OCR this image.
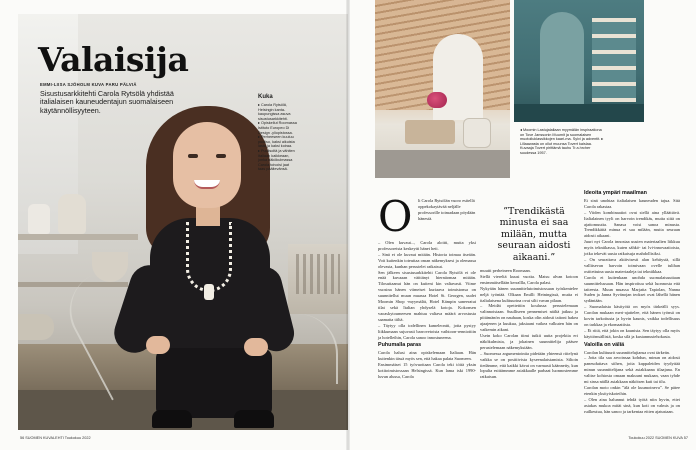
Valaisija
EMMI-LIISA SJÖHOLM KUVA PARU PÄLVIÄ

Sisustusarkkitehti Carola Rytsölä yhdistää italialaisen kauneudentajun suomalaiseen käytännöllisyyteen.

Kuka
▸ Carola Rytsölä,
Helsingin kanta-
kaupungissa asuva
sisustusarkkitehti.
▸ Opiskellut Roomassa
Istituto Europeo Di
Design -yliopistossa.
▸ Perheeseen kuuluu
puoliso, kaksi aikuista
lasta ja kaksi koiraa.
▸ Puolisoltä ja vähiten
Italiaan kaikkeaan,
jonka näkökulmassa
Carola toivoisi jaat
taas päältevänsä.
56 SUOMEN KUVALEHTI Toukokuu 2022

◂ Moomin Lastujalallaan myymälän inspiraationa on Tove Janssonin Muumit ja suomalaisen muotoiluklassikkojen kaari-ma. Sylvi ja adventit. ▸ Lillaawasta on ollut muunsa Tovert kaislaa. Kuvaaja Tovert pirittämä tauhu Tr.a.hrcher suudessa 1957.

O li Carola Rytsölän vuoro esitellä oppekokaytävää neljälle professorille toimadaan pöydään hänestä.

– Olen kuvaut..., Carola aloitti, mutta yksi professoreista keskeytti hänet heti.

– Sinä et ole kuvaut mitään. Historia toimaa itseään. Voit kuitenkin toteuttaa oman näkemyksesi ja olemassa olevasta, kunhan perustelet ratkaisut.

Sen jälkeen sisustusarkkitehti Carola Rytsölä ei ole enää kuvaaan väittänyt hiernäomaa mitään. Tilosuttaanut hän on kuiteni kin valtavasti. Viime vuosina hänen viimeiset kuriaava toimistonsa on suunnitellut muun muassa Hotel St. Georgen, uudet Moomin Shop -myymälät, Hotel Kämpin saneeratut tilat sekä Italian yhdyselä kotoja. Kokonsen vaoaskytoumeesen mahtuu valtava määrä arvostusta saamatta tiiltä.

– Täytyy olla todellinen kameleontti, jotta pystyy liikkumaan sujuvasti barrovetoista vaihtoon-renniottiin ja hotelleihin, Carola sanoo innostuneena.

Puhumalla paras

Carola halusi aina opiskelemaan Italiaan. Hän kuitenkin tässä myös sen, että hakaa palata Suomeen.

Ensimmäiset 15 työvuottaan Carola teki töitä yksin kotitoimistossaan Helsingissä. Kun lama iski 1990-luvun alussa, Carola

”Trendikästä minusta ei saa milään, mutta seuraan aidosti aikaani.”

muutti perheineen Roomaan.

Siellä viereltä kuusi vuotta. Matsu alvan kotoon ensimmäisellään kerrallla, Carola palasi.

Nykyään hänen suunnittelutoimistossaan työskentelee neljä työntää. Olkaan Emilli Heiningissä, mutta ei italialaisena kulttuurina ovat silti vavan pilaan.

– Meidät opettettiin koulussa perustelemaan valinnoistaan. Suulliseen pennemiset näiltä jatkuu ja piitämänön on nauhaan, koska olin aidosti taitoni hakea ajaajenen ja kuukua, jaksiaani vaikea valkuten hän on vaikemin aikani.

Usein koko Carolan tiimi tutkii uutta projektia eri näkökulmista, ja jokainen suunnittelija pääsee perustelemaan näkemyksiään.

– Suomessa argumentointia pidetään yhteensä riitelynä vaikka se on positiivista kyseenalaistamista. Siltoin tiedämme, että kaikki kävat on varmasti käännetty, kun lopulta esittämmme asiakkaalle parhaat luonnostemme ratkaisun.

Ideoita ympäri maailman

Et sinä unohtaa italialaisen kauneuden tajua. Sitä Carola rakastaa.

– Viiden kombinaatiot ovat siellä aina ylläättävä. Italialainen tyyli on harvoin trendikäs, mutta siitä on ajattomuutta. Sanasa voisi sanoa minusta. Trendikkäitä minua ei saa milään, mutta seuraan aidosti aikaani.

Juuri nyt Carola innostaa uusien materiaalien liikkuu myös tekniikassa, kuten sähkö- tai lvi-innovaatioista, jotka tekevät uusia ratkaisuja mahdollisiksi.

– On seurattava aktiivisesti alan kehitystä, sillä vallitsevan harvoin toimivaan ovelle tulihan ostitettuina uusia materiaaleja tai tekniikkaa.

Carola ei kuitenkaan unohda suomalaisuuttaan suunnittelussaan. Hän inspiroituu sekä luonnosta että taiteesta. Muun muassa Marjatta Tapiolan, Nanna Suden ja Janna Syvänojan teokset ovat lähellä hänen sydäntään.

– Suomalaista käsityötä on myös tärkeälli syys. Carolan mukaan meri-ajattelee, että hänen työnsä on kovin tarkoitusta ja hyvin kaunis, vaikka todellisuus on tarkkaa ja ekomaattista.

– Et riitä, että jokin on kaunista. Sen täytyy olla myös käyttömsällistä, koska silä ja kustannustehokasta.

Valoilla on väliä

Carolan kulttuurit suunnittelujiansa ovat tärkeän.

– Jotta tila saa arvoinsaa kohdun, minun on aidosti paneuduttava siihen, joita kappaleiden tyydyttää minun suunnittelijana sekä asiakkaana tilaajana. En valitse kohtosta omaan makuuni mukaan, vaan tyhde mi sinsa näillä asiakkaan näköisen kuti tai tilu.

Carolan moto onkin ”älä ole kuumoineva”. Se pätee etenkin yksityiskoteihin.

– Olen aina halunnut tehdä työtä niin hyvin, ettei asiakas mukoa mitäi sinä, kun koti on valmis ja on ruilkeutua, hän sanoo ja tarkentaa eitten ajatustaan.

Toukokuu 2022 SUOMEN KUVA 57
